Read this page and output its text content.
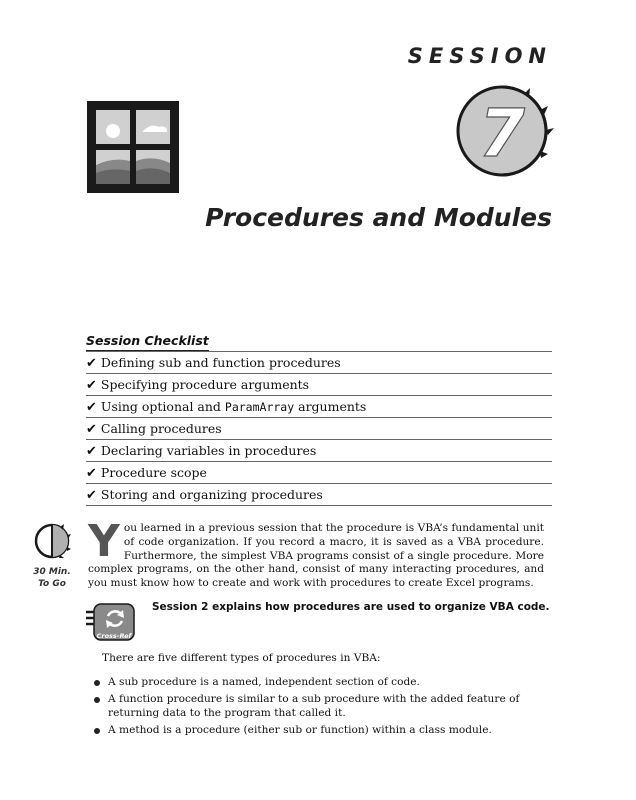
SESSION
7
Procedures and Modules
Session Checklist
✔ Defining sub and function procedures
✔ Specifying procedure arguments
✔ Using optional and ParamArray arguments
✔ Calling procedures
✔ Declaring variables in procedures
✔ Procedure scope
✔ Storing and organizing procedures
30 Min.
To Go
You learned in a previous session that the procedure is VBA’s fundamental unit of code organization. If you record a macro, it is saved as a VBA procedure. Furthermore, the simplest VBA programs consist of a single procedure. More complex programs, on the other hand, consist of many interacting procedures, and you must know how to create and work with procedures to create Excel programs.
Cross-Ref
Session 2 explains how procedures are used to organize VBA code.
There are five different types of procedures in VBA:
A sub procedure is a named, independent section of code.
A function procedure is similar to a sub procedure with the added feature of returning data to the program that called it.
A method is a procedure (either sub or function) within a class module.
